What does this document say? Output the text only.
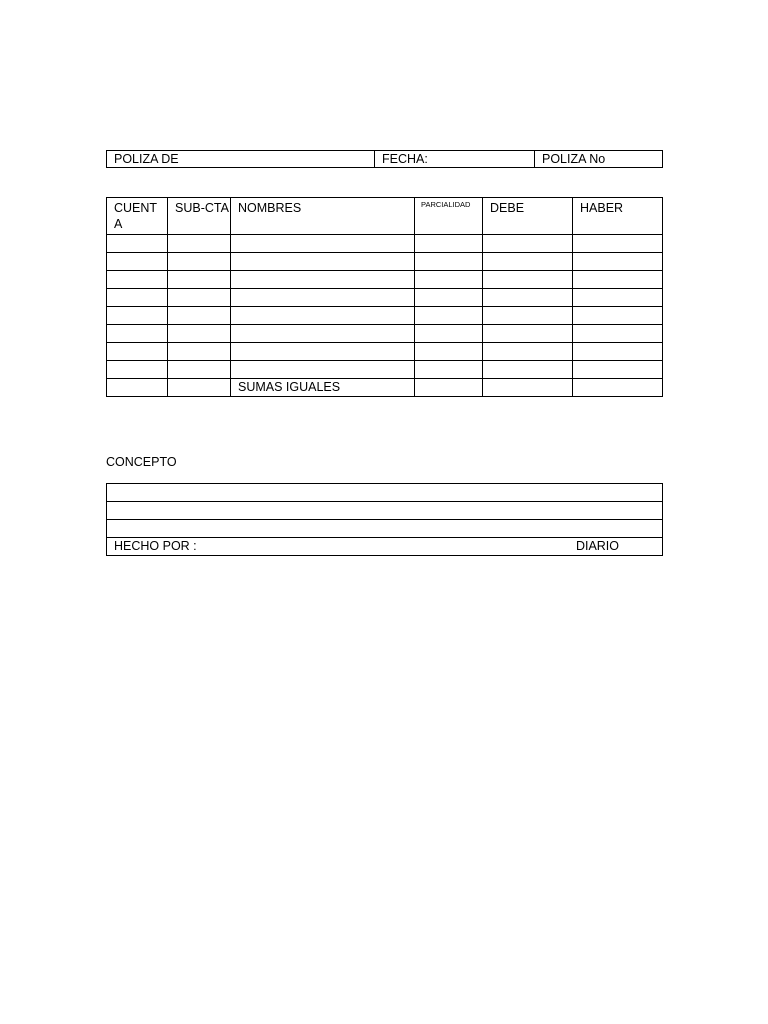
POLIZA DE	FECHA:	POLIZA No
CUENT A	SUB-CTA	NOMBRES	PARCIALIDAD	DEBE	HABER

		SUMAS IGUALES			
CONCEPTO

HECHO POR :	DIARIO
